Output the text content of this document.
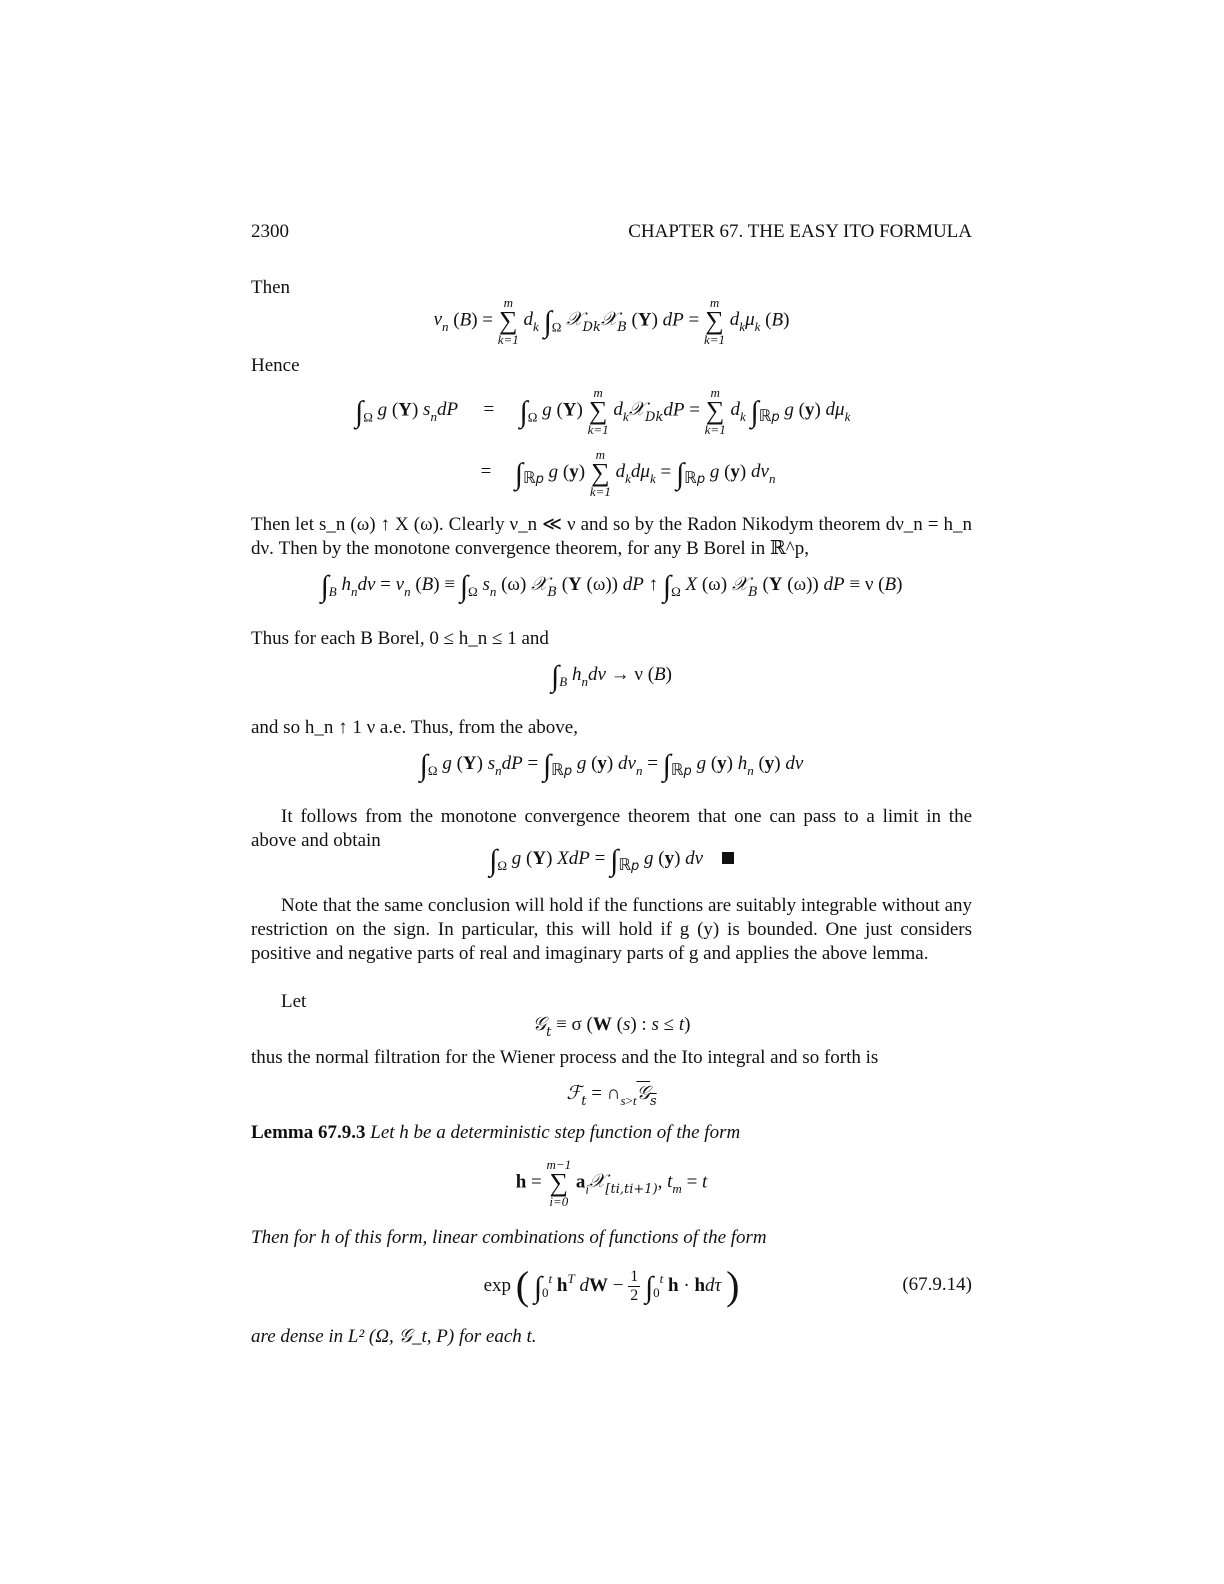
2300	CHAPTER 67. THE EASY ITO FORMULA
Then
$\nu_n$ (B) =
m
∑
k=1
$d_k$ $\int_\Omega$ 𝒳$_{Dk}$𝒳$_B$ (Y) dP =
m
∑
k=1
$d_k\mu_k$ (B)
Hence
$\int_\Omega$ g (Y) $s_ndP = \int_\Omega$ g (Y)
m
∑
k=1
$d_k𝒳_{Dk}dP$ =
m
∑
k=1
$d_k$ $\int_{ℝp}$ g (y) $d\mu_k$
= $\int_{ℝp}$ g (y)
m
∑
k=1
$d_kd\mu_k = \int_{ℝp}$ g (y) $d\nu_n$
Then let s_n (ω) ↑ X (ω). Clearly ν_n ≪ ν and so by the Radon Nikodym theorem dν_n = h_n dν. Then by the monotone convergence theorem, for any B Borel in ℝ^p,
$\int_B$ $h_nd\nu = \nu_n$ $(B) \equiv \int_\Omega$ $s_n$ (ω) 𝒳$_B$ (Y (ω)) dP ↑ $\int_\Omega$ X (ω) 𝒳$_B$ (Y (ω)) dP ≡ ν (B)
Thus for each B Borel, 0 ≤ h_n ≤ 1 and
$\int_B$ $h_nd\nu \to \nu$ (B)
and so h_n ↑ 1 ν a.e. Thus, from the above,
$\int_\Omega$ g (Y) $s_ndP = \int_{ℝp}$ g (y) $d\nu_n = \int_{ℝp}$ g (y) $h_n$ (y) dν
It follows from the monotone convergence theorem that one can pass to a limit in the above and obtain
$\int_\Omega$ g (Y) XdP = $\int_{ℝp}$ g (y) dν
Note that the same conclusion will hold if the functions are suitably integrable without any restriction on the sign. In particular, this will hold if g (y) is bounded. One just considers positive and negative parts of real and imaginary parts of g and applies the above lemma.
Let
𝒢$_t$ ≡ σ (W (s) : s ≤ t)
thus the normal filtration for the Wiener process and the Ito integral and so forth is
ℱ$_t$ = $\cap_{s>t}𝒢_s$
Lemma 67.9.3 Let h be a deterministic step function of the form
h =
m−1
∑
i=0
$a_i𝒳_{[ti,ti+1)}$, $t_m = t$
Then for h of this form, linear combinations of functions of the form
exp ( $\int_0^t$ $h^T$ dW − $\frac{1}{2} \int_0^t$ h · hdτ )	(67.9.14)
are dense in L² (Ω, 𝒢_t, P) for each t.
